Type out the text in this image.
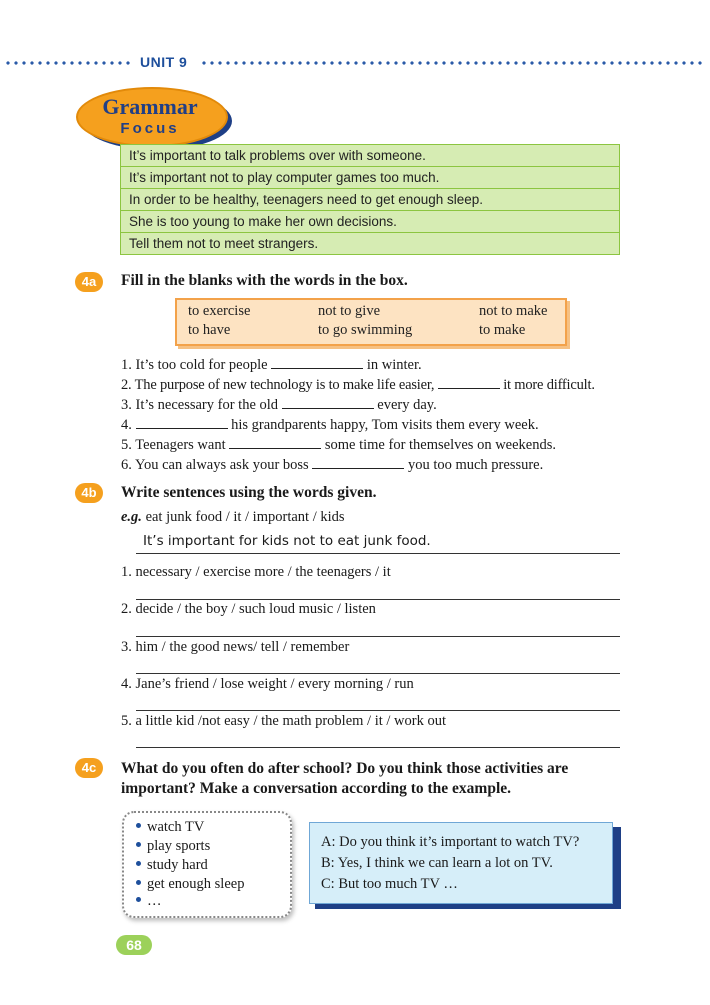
UNIT 9
Grammar
Focus
It’s important to talk problems over with someone.
It’s important not to play computer games too much.
In order to be healthy, teenagers need to get enough sleep.
She is too young to make her own decisions.
Tell them not to meet strangers.
4a	Fill in the blanks with the words in the box.
to exercise	not to give	not to make
to have	to go swimming	to make
1. It’s too cold for people	in winter.
2. The purpose of new technology is to make life easier,	it more difficult.
3. It’s necessary for the old	every day.
4.	his grandparents happy, Tom visits them every week.
5. Teenagers want	some time for themselves on weekends.
6. You can always ask your boss	you too much pressure.
4b	Write sentences using the words given.
e.g. eat junk food / it / important / kids
It’s important for kids not to eat junk food.
1. necessary / exercise more / the teenagers / it
2. decide / the boy / such loud music / listen
3. him / the good news/ tell / remember
4. Jane’s friend / lose weight / every morning / run
5. a little kid /not easy / the math problem / it / work out
4c	What do you often do after school? Do you think those activities are
important? Make a conversation according to the example.
watch TV
play sports
study hard
get enough sleep
…
A: Do you think it’s important to watch TV?
B: Yes, I think we can learn a lot on TV.
C: But too much TV …
68
